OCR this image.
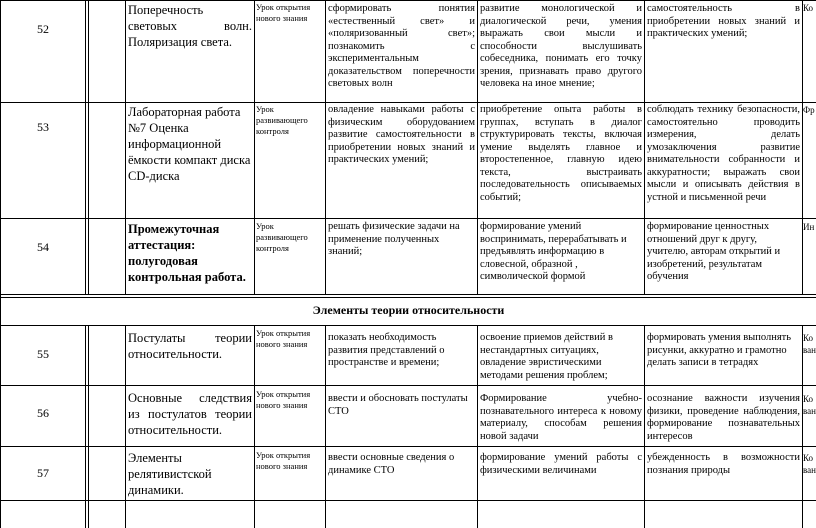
52
Поперечность световых волн. Поляризация света.
Урок открытия нового знания
сформировать понятия «естественный свет» и «поляризованный свет»; познакомить с экспериментальным доказательством поперечности световых волн
развитие монологической и диалогической речи, умения выражать свои мысли и способности выслушивать собеседника, понимать его точку зрения, признавать право другого человека на иное мнение;
самостоятельность в приобретении новых знаний и практических умений;
Ко
53
Лабораторная работа №7 Оценка информационной ёмкости компакт диска CD-диска
Урок развивающего контроля
овладение навыками работы с физическим оборудованием развитие самостоятельности в приобретении новых знаний и практических умений;
приобретение опыта работы в группах, вступать в диалог структурировать тексты, включая умение выделять главное и второстепенное, главную идею текста, выстраивать последовательность описываемых событий;
соблюдать технику безопасности, самостоятельно проводить измерения, делать умозаключения развитие внимательности собранности и аккуратности; выражать свои мысли и описывать действия в устной и письменной речи
Фр
54
Промежуточная аттестация: полугодовая контрольная работа.
Урок развивающего контроля
решать физические задачи на применение полученных знаний;
формирование умений воспринимать, перерабатывать и предъявлять информацию в словесной, образной , символической формой
формирование ценностных отношений друг к другу, учителю, авторам открытий и изобретений, результатам обучения
Ин
Элементы теории относительности
55
Постулаты теории относительности.
Урок открытия нового знания
показать необходимость развития представлений о пространстве и времени;
освоение приемов действий в нестандартных ситуациях, овладение эвристическими методами решения проблем;
формировать умения выполнять рисунки, аккуратно и грамотно делать записи в тетрадях
Ко ван
56
Основные следствия из постулатов теории относительности.
Урок открытия нового знания
ввести и обосновать постулаты СТО
Формирование учебно-познавательного интереса к новому материалу, способам решения новой задачи
осознание важности изучения физики, проведение наблюдения, формирование познавательных интересов
Ко ван
57
Элементы релятивистской динамики.
Урок открытия нового знания
ввести основные сведения о динамике СТО
формирование умений работы с физическими величинами
убежденность в возможности познания природы
Ко ван
